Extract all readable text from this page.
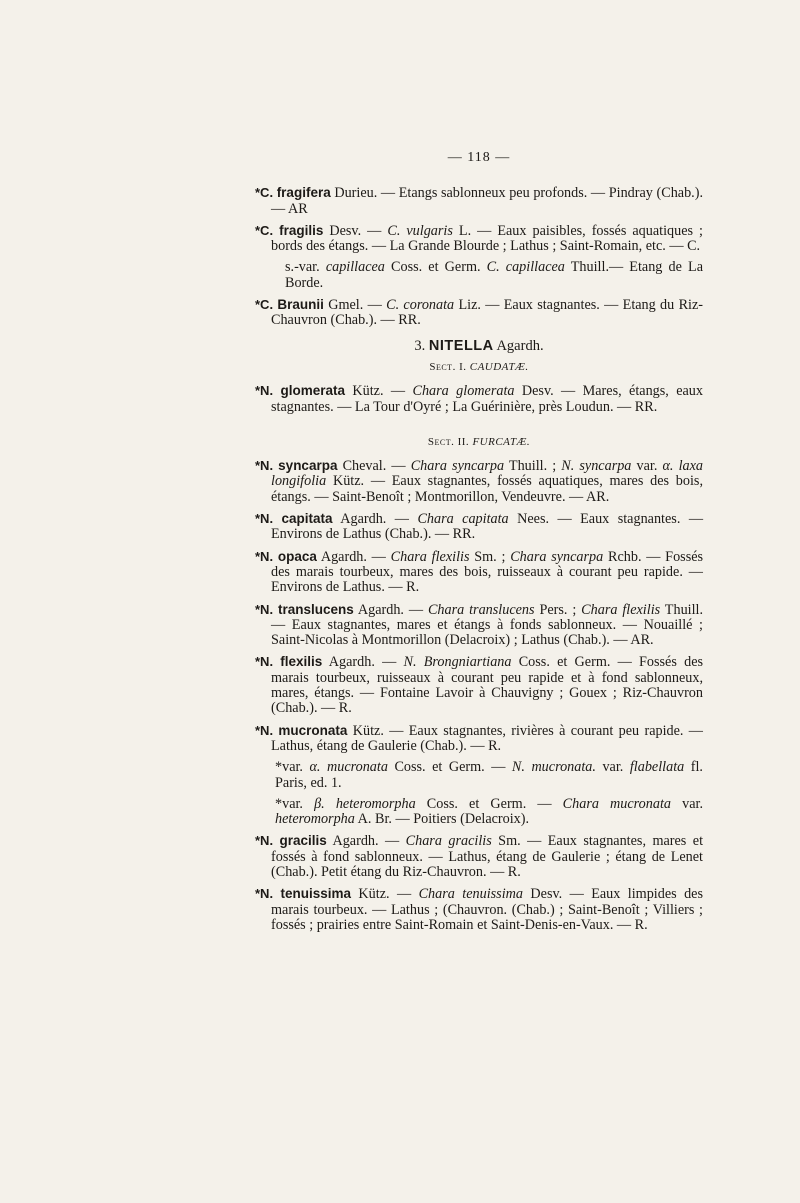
— 118 —

*C. fragifera Durieu. — Etangs sablonneux peu profonds. — Pindray (Chab.). — AR

*C. fragilis Desv. — C. vulgaris L. — Eaux paisibles, fossés aquatiques ; bords des étangs. — La Grande Blourde ; Lathus ; Saint-Romain, etc. — C.

s.-var. capillacea Coss. et Germ. C. capillacea Thuill.— Etang de La Borde.

*C. Braunii Gmel. — C. coronata Liz. — Eaux stagnantes. — Etang du Riz-Chauvron (Chab.). — RR.

3. NITELLA Agardh.
Sect. I. CAUDATÆ.

*N. glomerata Kütz. — Chara glomerata Desv. — Mares, étangs, eaux stagnantes. — La Tour d'Oyré ; La Guérinière, près Loudun. — RR.

Sect. II. FURCATÆ.

*N. syncarpa Cheval. — Chara syncarpa Thuill. ; N. syncarpa var. α. laxa longifolia Kütz. — Eaux stagnantes, fossés aquatiques, mares des bois, étangs. — Saint-Benoît ; Montmorillon, Vendeuvre. — AR.

*N. capitata Agardh. — Chara capitata Nees. — Eaux stagnantes. — Environs de Lathus (Chab.). — RR.

*N. opaca Agardh. — Chara flexilis Sm. ; Chara syncarpa Rchb. — Fossés des marais tourbeux, mares des bois, ruisseaux à courant peu rapide. — Environs de Lathus. — R.

*N. translucens Agardh. — Chara translucens Pers. ; Chara flexilis Thuill. — Eaux stagnantes, mares et étangs à fonds sablonneux. — Nouaillé ; Saint-Nicolas à Montmorillon (Delacroix) ; Lathus (Chab.). — AR.

*N. flexilis Agardh. — N. Brongniartiana Coss. et Germ. — Fossés des marais tourbeux, ruisseaux à courant peu rapide et à fond sablonneux, mares, étangs. — Fontaine Lavoir à Chauvigny ; Gouex ; Riz-Chauvron (Chab.). — R.

*N. mucronata Kütz. — Eaux stagnantes, rivières à courant peu rapide. — Lathus, étang de Gaulerie (Chab.). — R.

*var. α. mucronata Coss. et Germ. — N. mucronata. var. flabellata fl. Paris, ed. 1.

*var. β. heteromorpha Coss. et Germ. — Chara mucronata var. heteromorpha A. Br. — Poitiers (Delacroix).

*N. gracilis Agardh. — Chara gracilis Sm. — Eaux stagnantes, mares et fossés à fond sablonneux. — Lathus, étang de Gaulerie ; étang de Lenet (Chab.). Petit étang du Riz-Chauvron. — R.

*N. tenuissima Kütz. — Chara tenuissima Desv. — Eaux limpides des marais tourbeux. — Lathus ; (Chauvron. (Chab.) ; Saint-Benoît ; Villiers ; fossés ; prairies entre Saint-Romain et Saint-Denis-en-Vaux. — R.
